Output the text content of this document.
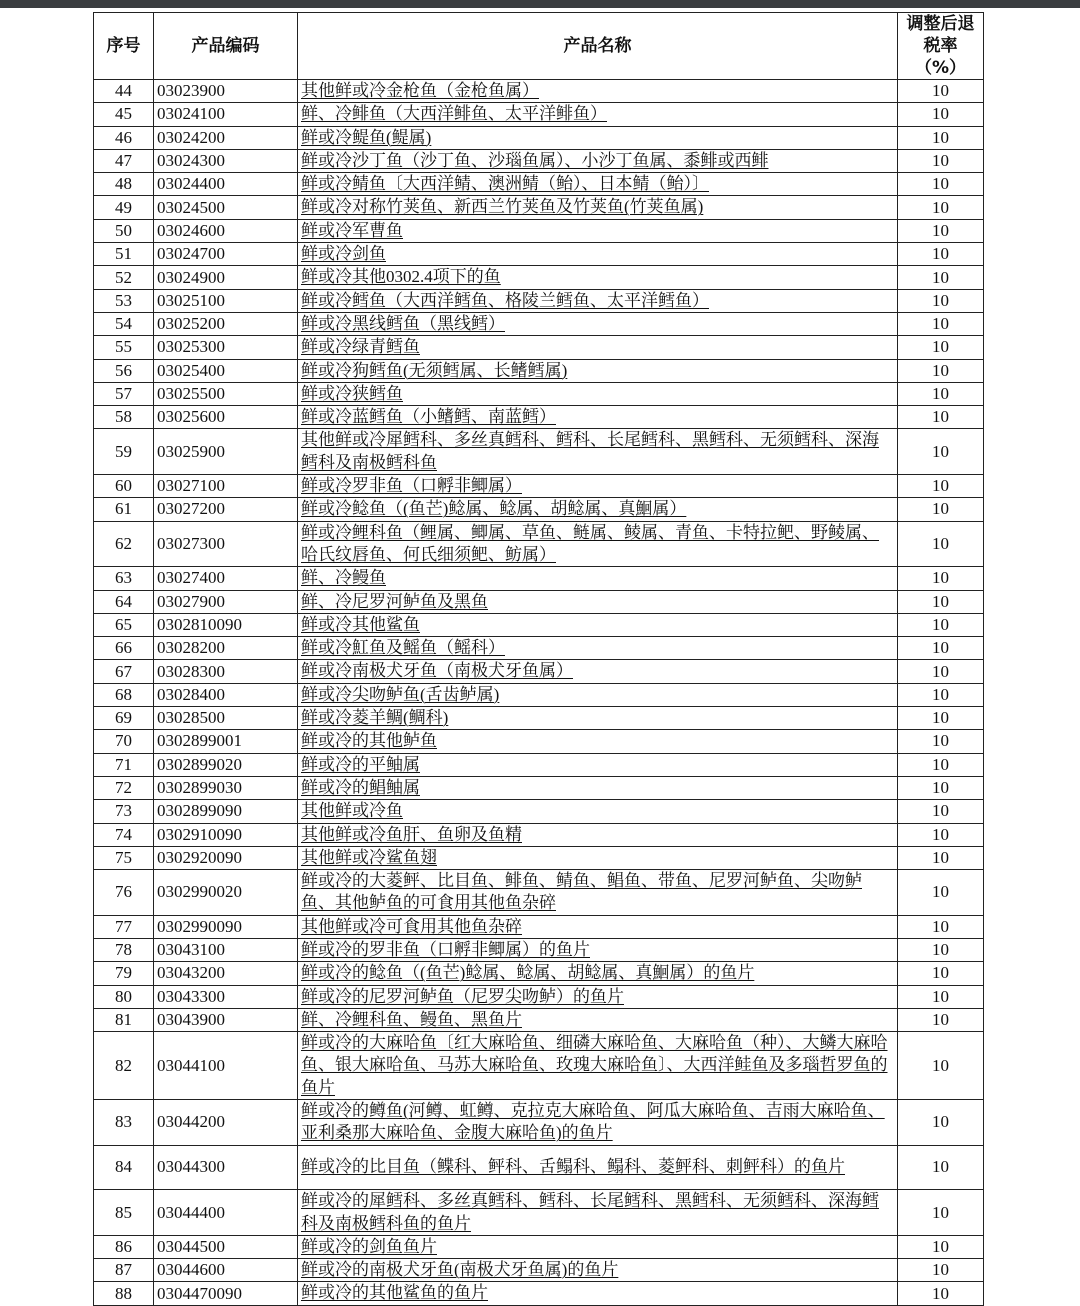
序号	产品编码	产品名称	调整后退税率（%）
44	03023900	其他鲜或冷金枪鱼（金枪鱼属）	10
45	03024100	鲜、冷鲱鱼（大西洋鲱鱼、太平洋鲱鱼）	10
46	03024200	鲜或冷鳀鱼(鳀属)	10
47	03024300	鲜或冷沙丁鱼（沙丁鱼、沙瑙鱼属）、小沙丁鱼属、黍鲱或西鲱	10
48	03024400	鲜或冷鲭鱼〔大西洋鲭、澳洲鲭（鲐）、日本鲭（鲐）〕	10
49	03024500	鲜或冷对称竹荚鱼、新西兰竹荚鱼及竹荚鱼(竹荚鱼属)	10
50	03024600	鲜或冷军曹鱼	10
51	03024700	鲜或冷剑鱼	10
52	03024900	鲜或冷其他0302.4项下的鱼	10
53	03025100	鲜或冷鳕鱼（大西洋鳕鱼、格陵兰鳕鱼、太平洋鳕鱼）	10
54	03025200	鲜或冷黑线鳕鱼（黑线鳕）	10
55	03025300	鲜或冷绿青鳕鱼	10
56	03025400	鲜或冷狗鳕鱼(无须鳕属、长鳍鳕属)	10
57	03025500	鲜或冷狭鳕鱼	10
58	03025600	鲜或冷蓝鳕鱼（小鳍鳕、南蓝鳕）	10
59	03025900	其他鲜或冷犀鳕科、多丝真鳕科、鳕科、长尾鳕科、黑鳕科、无须鳕科、深海鳕科及南极鳕科鱼	10
60	03027100	鲜或冷罗非鱼（口孵非鲫属）	10
61	03027200	鲜或冷鲶鱼（(鱼芒)鲶属、鲶属、胡鲶属、真鮰属）	10
62	03027300	鲜或冷鲤科鱼（鲤属、鲫属、草鱼、鲢属、鲮属、青鱼、卡特拉鲃、野鲮属、哈氏纹唇鱼、何氏细须鲃、鲂属）	10
63	03027400	鲜、冷鳗鱼	10
64	03027900	鲜、冷尼罗河鲈鱼及黑鱼	10
65	0302810090	鲜或冷其他鲨鱼	10
66	03028200	鲜或冷魟鱼及鳐鱼（鳐科）	10
67	03028300	鲜或冷南极犬牙鱼（南极犬牙鱼属）	10
68	03028400	鲜或冷尖吻鲈鱼(舌齿鲈属)	10
69	03028500	鲜或冷菱羊鲷(鲷科)	10
70	0302899001	鲜或冷的其他鲈鱼	10
71	0302899020	鲜或冷的平鲉属	10
72	0302899030	鲜或冷的鲳鲉属	10
73	0302899090	其他鲜或冷鱼	10
74	0302910090	其他鲜或冷鱼肝、鱼卵及鱼精	10
75	0302920090	其他鲜或冷鲨鱼翅	10
76	0302990020	鲜或冷的大菱鲆、比目鱼、鲱鱼、鲭鱼、鲳鱼、带鱼、尼罗河鲈鱼、尖吻鲈鱼、其他鲈鱼的可食用其他鱼杂碎	10
77	0302990090	其他鲜或冷可食用其他鱼杂碎	10
78	03043100	鲜或冷的罗非鱼（口孵非鲫属）的鱼片	10
79	03043200	鲜或冷的鲶鱼（(鱼芒)鲶属、鲶属、胡鲶属、真鮰属）的鱼片	10
80	03043300	鲜或冷的尼罗河鲈鱼（尼罗尖吻鲈）的鱼片	10
81	03043900	鲜、冷鲤科鱼、鳗鱼、黑鱼片	10
82	03044100	鲜或冷的大麻哈鱼〔红大麻哈鱼、细磷大麻哈鱼、大麻哈鱼（种）、大鳞大麻哈鱼、银大麻哈鱼、马苏大麻哈鱼、玫瑰大麻哈鱼〕、大西洋鲑鱼及多瑙哲罗鱼的鱼片	10
83	03044200	鲜或冷的鳟鱼(河鳟、虹鳟、克拉克大麻哈鱼、阿瓜大麻哈鱼、吉雨大麻哈鱼、亚利桑那大麻哈鱼、金腹大麻哈鱼)的鱼片	10
84	03044300	鲜或冷的比目鱼（鲽科、鲆科、舌鳎科、鳎科、菱鲆科、刺鲆科）的鱼片	10
85	03044400	鲜或冷的犀鳕科、多丝真鳕科、鳕科、长尾鳕科、黑鳕科、无须鳕科、深海鳕科及南极鳕科鱼的鱼片	10
86	03044500	鲜或冷的剑鱼鱼片	10
87	03044600	鲜或冷的南极犬牙鱼(南极犬牙鱼属)的鱼片	10
88	0304470090	鲜或冷的其他鲨鱼的鱼片	10
